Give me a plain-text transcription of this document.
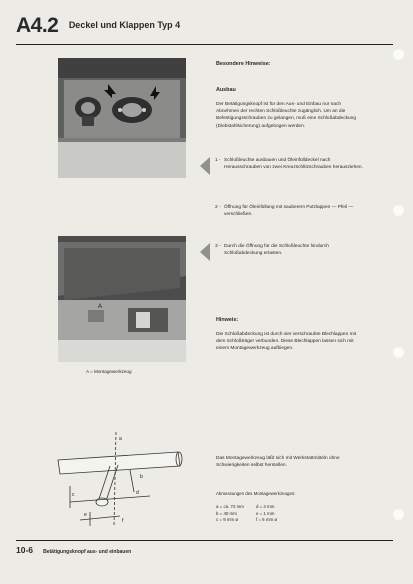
A4.2 $^{Deckel und Klappen Typ 4}$
A
A = Montagewerkzeug
Besondere Hinweise:
Ausbau
Der Betätigungsknopf ist für den Aus- und Einbau nur nach Abnehmen der rechten Schloßleuchte zugänglich. Um an die Befestigungsschrauben zu gelangen, muß eine Schloßabdeckung (Diebstahlsicherung) aufgebogen werden.
1 - Schloßleuchte ausbauen und Öleinfülldeckel nach Herausschrauben von zwei Kreuzschlitzschrauben herausziehen.
2 - Öffnung für Öleinfüllung mit sauberem Putzlappen — Pfeil — verschließen.
3 - Durch die Öffnung für die Schloßleuchte hindurch Schloßabdeckung ertasten.
Hinweis:
Die Schloßabdeckung ist durch vier verschraubte Blechlappen mit dem Schloßträger verbunden. Diese Blechlappen lassen sich mit einem Montagewerkzeug aufbiegen.
Das Montagewerkzeug läßt sich mit Werkstattmitteln ohne Schwierigkeiten selbst herstellen.
Abmessungen des Montagewerkzeuges:
a = ca. 72 mm
b = 40 mm
c = 9 mm ø
d = 4 mm
e = 1 mm
f = 6 mm ø
a
b
c	d
e
f
10-6 Betätigungsknopf aus- und einbauen
